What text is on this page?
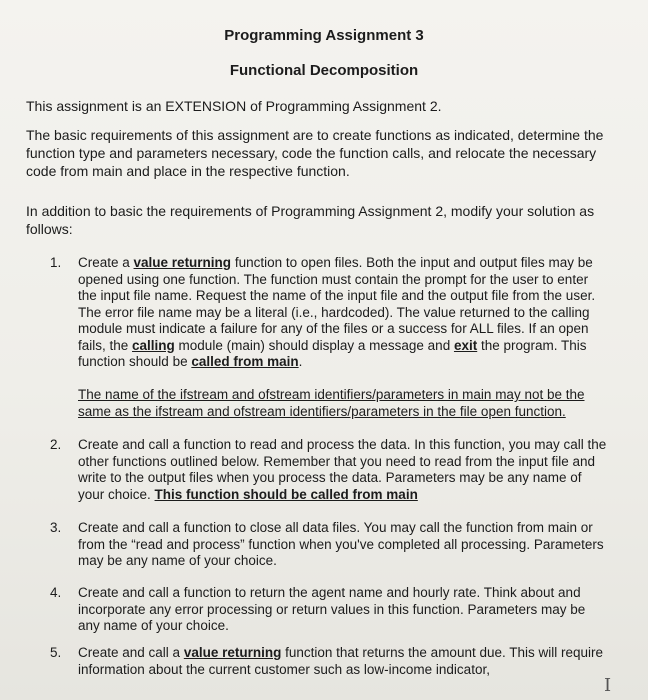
Programming Assignment 3
Functional Decomposition
This assignment is an EXTENSION of Programming Assignment 2.
The basic requirements of this assignment are to create functions as indicated, determine the function type and parameters necessary, code the function calls, and relocate the necessary code from main and place in the respective function.
In addition to basic the requirements of Programming Assignment 2, modify your solution as follows:
1.	Create a value returning function to open files. Both the input and output files may be opened using one function. The function must contain the prompt for the user to enter the input file name. Request the name of the input file and the output file from the user. The error file name may be a literal (i.e., hardcoded). The value returned to the calling module must indicate a failure for any of the files or a success for ALL files. If an open fails, the calling module (main) should display a message and exit the program. This function should be called from main.
2.	Create and call a function to read and process the data. In this function, you may call the other functions outlined below. Remember that you need to read from the input file and write to the output files when you process the data. Parameters may be any name of your choice. This function should be called from main
3.	Create and call a function to close all data files. You may call the function from main or from the “read and process” function when you've completed all processing. Parameters may be any name of your choice.
4.	Create and call a function to return the agent name and hourly rate. Think about and incorporate any error processing or return values in this function. Parameters may be any name of your choice.
5.	Create and call a value returning function that returns the amount due. This will require information about the current customer such as low-income indicator,
The name of the ifstream and ofstream identifiers/parameters in main may not be the same as the ifstream and ofstream identifiers/parameters in the file open function.
I
